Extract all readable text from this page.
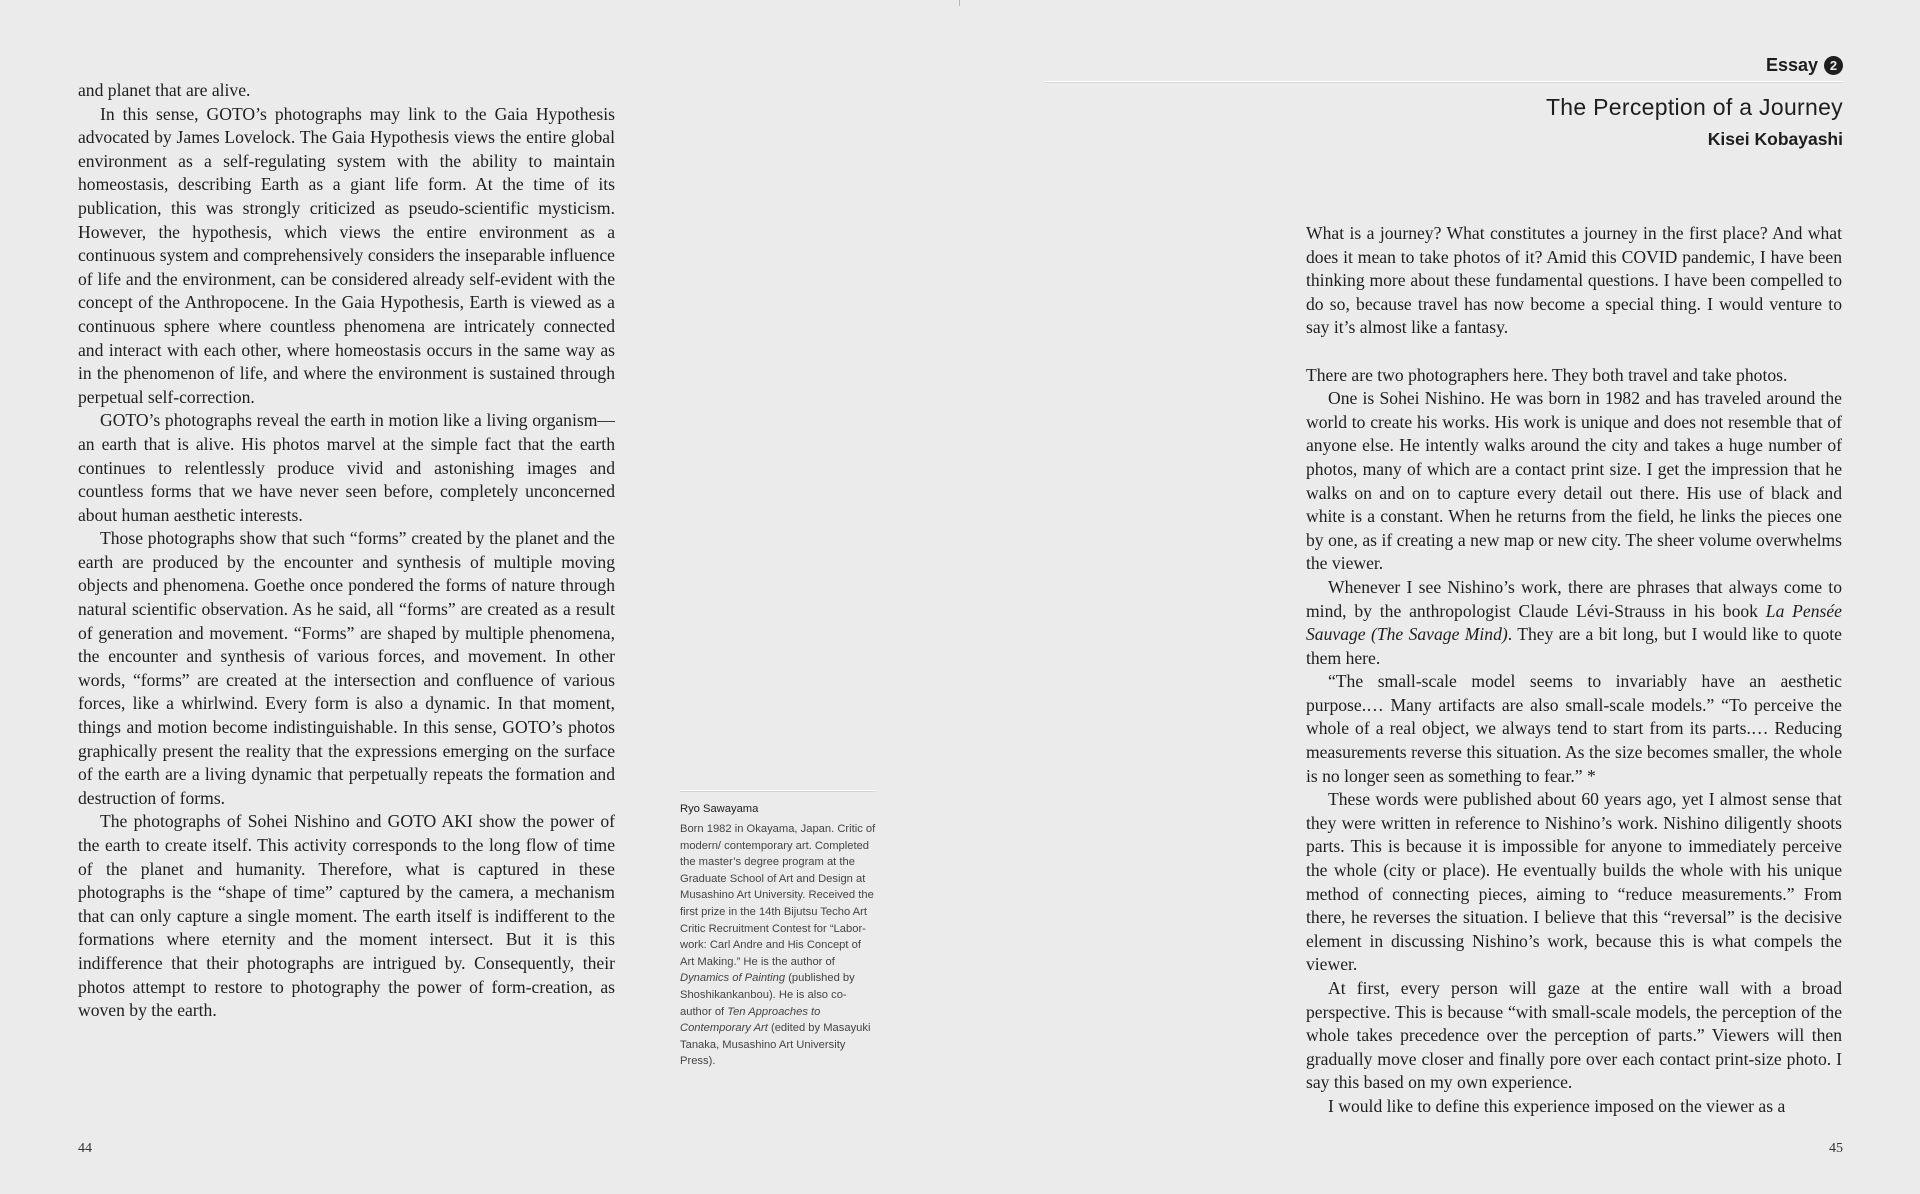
and planet that are alive.

In this sense, GOTO’s photographs may link to the Gaia Hypothesis advocated by James Lovelock. The Gaia Hypothesis views the entire global environment as a self-regulating system with the ability to maintain homeostasis, describing Earth as a giant life form. At the time of its publication, this was strongly criticized as pseudo-scientific mysticism. However, the hypothesis, which views the entire environment as a continuous system and comprehensively considers the inseparable influence of life and the environment, can be considered already self-evident with the concept of the Anthropocene. In the Gaia Hypothesis, Earth is viewed as a continuous sphere where countless phenomena are intricately connected and interact with each other, where homeostasis occurs in the same way as in the phenomenon of life, and where the environment is sustained through perpetual self-correction.

GOTO’s photographs reveal the earth in motion like a living organism—an earth that is alive. His photos marvel at the simple fact that the earth continues to relentlessly produce vivid and astonishing images and countless forms that we have never seen before, completely unconcerned about human aesthetic interests.

Those photographs show that such “forms” created by the planet and the earth are produced by the encounter and synthesis of multiple moving objects and phenomena. Goethe once pondered the forms of nature through natural scientific observation. As he said, all “forms” are created as a result of generation and movement. “Forms” are shaped by multiple phenomena, the encounter and synthesis of various forces, and movement. In other words, “forms” are created at the intersection and confluence of various forces, like a whirlwind. Every form is also a dynamic. In that moment, things and motion become indistinguishable. In this sense, GOTO’s photos graphically present the reality that the expressions emerging on the surface of the earth are a living dynamic that perpetually repeats the formation and destruction of forms.

The photographs of Sohei Nishino and GOTO AKI show the power of the earth to create itself. This activity corresponds to the long flow of time of the planet and humanity. Therefore, what is captured in these photographs is the “shape of time” captured by the camera, a mechanism that can only capture a single moment. The earth itself is indifferent to the formations where eternity and the moment intersect. But it is this indifference that their photographs are intrigued by. Consequently, their photos attempt to restore to photography the power of form-creation, as woven by the earth.

44
Ryo Sawayama
Born 1982 in Okayama, Japan. Critic of modern/ contemporary art. Completed the master’s degree program at the Graduate School of Art and Design at Musashino Art University. Received the first prize in the 14th Bijutsu Techo Art Critic Recruitment Contest for “Labor-work: Carl Andre and His Concept of Art Making.” He is the author of Dynamics of Painting (published by Shoshikankanbou). He is also co-author of Ten Approaches to Contemporary Art (edited by Masayuki Tanaka, Musashino Art University Press).
Essay 2
The Perception of a Journey
Kisei Kobayashi

What is a journey? What constitutes a journey in the first place? And what does it mean to take photos of it? Amid this COVID pandemic, I have been thinking more about these fundamental questions. I have been compelled to do so, because travel has now become a special thing. I would venture to say it’s almost like a fantasy.

There are two photographers here. They both travel and take photos.

One is Sohei Nishino. He was born in 1982 and has traveled around the world to create his works. His work is unique and does not resemble that of anyone else. He intently walks around the city and takes a huge number of photos, many of which are a contact print size. I get the impression that he walks on and on to capture every detail out there. His use of black and white is a constant. When he returns from the field, he links the pieces one by one, as if creating a new map or new city. The sheer volume overwhelms the viewer.

Whenever I see Nishino’s work, there are phrases that always come to mind, by the anthropologist Claude Lévi-Strauss in his book La Pensée Sauvage (The Savage Mind). They are a bit long, but I would like to quote them here.

“The small-scale model seems to invariably have an aesthetic purpose.… Many artifacts are also small-scale models.” “To perceive the whole of a real object, we always tend to start from its parts.… Reducing measurements reverse this situation. As the size becomes smaller, the whole is no longer seen as something to fear.” *

These words were published about 60 years ago, yet I almost sense that they were written in reference to Nishino’s work. Nishino diligently shoots parts. This is because it is impossible for anyone to immediately perceive the whole (city or place). He eventually builds the whole with his unique method of connecting pieces, aiming to “reduce measurements.” From there, he reverses the situation. I believe that this “reversal” is the decisive element in discussing Nishino’s work, because this is what compels the viewer.

At first, every person will gaze at the entire wall with a broad perspective. This is because “with small-scale models, the perception of the whole takes precedence over the perception of parts.” Viewers will then gradually move closer and finally pore over each contact print-size photo. I say this based on my own experience.

I would like to define this experience imposed on the viewer as a

45
